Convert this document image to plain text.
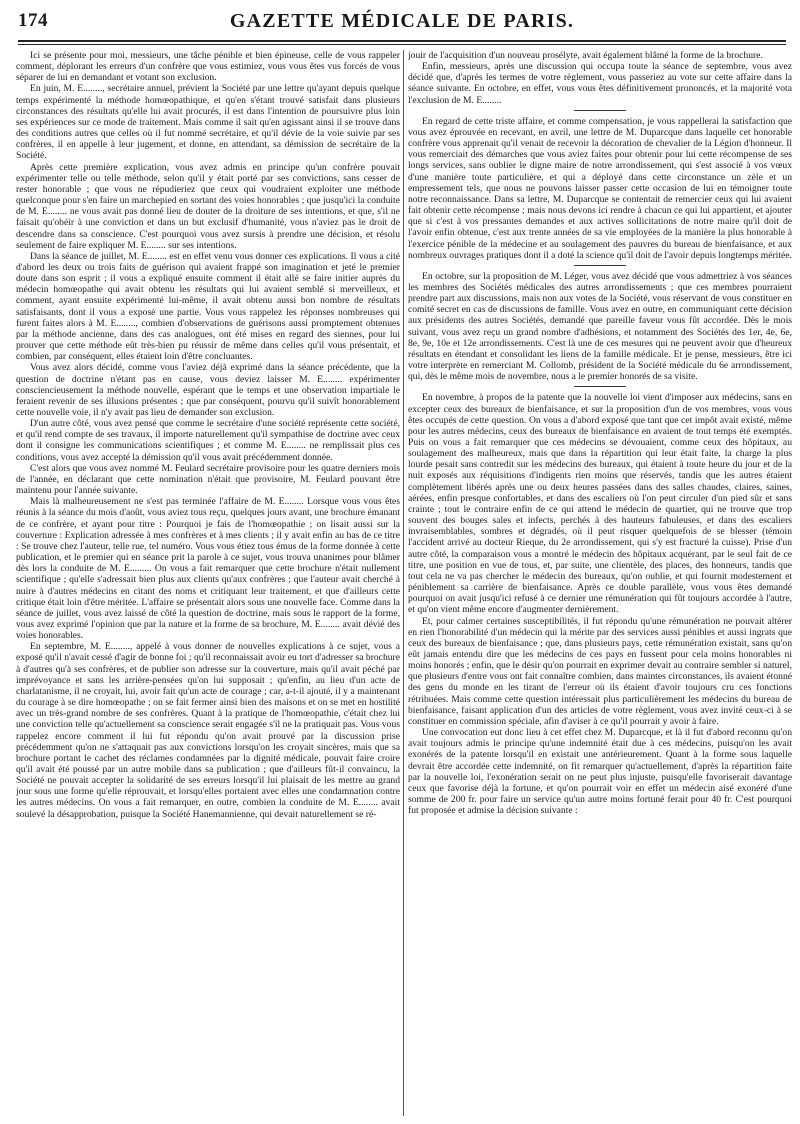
174	GAZETTE MÉDICALE DE PARIS.

Ici se présente pour moi, messieurs, une tâche pénible et bien épineuse, celle de vous rappeler comment, déplorant les erreurs d'un confrère que vous estimiez, vous vous êtes vus forcés de vous séparer de lui en demandant et votant son exclusion.

En juin, M. E........, secrétaire annuel, prévient la Société par une lettre qu'ayant depuis quelque temps expérimenté la méthode homœopathique, et qu'en s'étant trouvé satisfait dans plusieurs circonstances des résultats qu'elle lui avait procurés, il est dans l'intention de poursuivre plus loin ses expériences sur ce mode de traitement. Mais comme il sait qu'en agissant ainsi il se trouve dans des conditions autres que celles où il fut nommé secrétaire, et qu'il dévie de la voie suivie par ses confrères, il en appelle à leur jugement, et donne, en attendant, sa démission de secrétaire de la Société.

Après cette première explication, vous avez admis en principe qu'un confrère pouvait expérimenter telle ou telle méthode, selon qu'il y était porté par ses convictions, sans cesser de rester honorable ; que vous ne répudieriez que ceux qui voudraient exploiter une méthode quelconque pour s'en faire un marchepied en sortant des voies honorables ; que jusqu'ici la conduite de M. E........ ne vous avait pas donné lieu de douter de la droiture de ses intentions, et que, s'il ne faisait qu'obéir à une conviction et dans un but exclusif d'humanité, vous n'aviez pas le droit de descendre dans sa conscience. C'est pourquoi vous avez sursis à prendre une décision, et résolu seulement de faire expliquer M. E........ sur ses intentions.

Dans la séance de juillet, M. E........ est en effet venu vous donner ces explications. Il vous a cité d'abord les deux ou trois faits de guérison qui avaient frappé son imagination et jeté le premier doute dans son esprit ; il vous a expliqué ensuite comment il était allé se faire initier auprès du médecin homœopathe qui avait obtenu les résultats qui lui avaient semblé si merveilleux, et comment, ayant ensuite expérimenté lui-même, il avait obtenu aussi bon nombre de résultats satisfaisants, dont il vous a exposé une partie. Vous vous rappelez les réponses nombreuses qui furent faites alors à M. E........, combien d'observations de guérisons aussi promptement obtenues par la méthode ancienne, dans des cas analogues, ont été mises en regard des siennes, pour lui prouver que cette méthode eût très-bien pu réussir de même dans celles qu'il vous présentait, et combien, par conséquent, elles étaient loin d'être concluantes.

Vous avez alors décidé, comme vous l'aviez déjà exprimé dans la séance précédente, que la question de doctrine n'étant pas en cause, vous deviez laisser M. E........ expérimenter consciencieusement la méthode nouvelle, espérant que le temps et une observation impartiale le feraient revenir de ses illusions présentes ; que par conséquent, pourvu qu'il suivît honorablement cette nouvelle voie, il n'y avait pas lieu de demander son exclusion.

D'un autre côté, vous avez pensé que comme le secrétaire d'une société représente cette société, et qu'il rend compte de ses travaux, il importe naturellement qu'il sympathise de doctrine avec ceux dont il consigne les communications scientifiques ; et comme M. E........ ne remplissait plus ces conditions, vous avez accepté la démission qu'il vous avait précédemment donnée.

C'est alors que vous avez nommé M. Feulard secrétaire provisoire pour les quatre derniers mois de l'année, en déclarant que cette nomination n'était que provisoire, M. Feulard pouvant être maintenu pour l'année suivante.

Mais là malheureusement ne s'est pas terminée l'affaire de M. E........ Lorsque vous vous êtes réunis à la séance du mois d'août, vous aviez tous reçu, quelques jours avant, une brochure émanant de ce confrère, et ayant pour titre : Pourquoi je fais de l'homœopathie ; on lisait aussi sur la couverture : Explication adressée à mes confrères et à mes clients ; il y avait enfin au bas de ce titre : Se trouve chez l'auteur, telle rue, tel numéro. Vous vous étiez tous émus de la forme donnée à cette publication, et le premier qui en séance prit la parole à ce sujet, vous trouva unanimes pour blâmer dès lors la conduite de M. E......... On vous a fait remarquer que cette brochure n'était nullement scientifique ; qu'elle s'adressait bien plus aux clients qu'aux confrères ; que l'auteur avait cherché à nuire à d'autres médecins en citant des noms et critiquant leur traitement, et que d'ailleurs cette critique était loin d'être méritée. L'affaire se présentait alors sous une nouvelle face. Comme dans la séance de juillet, vous avez laissé de côté la question de doctrine, mais sous le rapport de la forme, vous avez exprimé l'opinion que par la nature et la forme de sa brochure, M. E........ avait dévié des voies honorables.

En septembre, M. E........, appelé à vous donner de nouvelles explications à ce sujet, vous a exposé qu'il n'avait cessé d'agir de bonne foi ; qu'il reconnaissait avoir eu tort d'adresser sa brochure à d'autres qu'à ses confrères, et de publier son adresse sur la couverture, mais qu'il avait péché par imprévoyance et sans les arrière-pensées qu'on lui supposait ; qu'enfin, au lieu d'un acte de charlatanisme, il ne croyait, lui, avoir fait qu'un acte de courage ; car, a-t-il ajouté, il y a maintenant du courage à se dire homœopathe ; on se fait fermer ainsi bien des maisons et on se met en hostilité avec un très-grand nombre de ses confrères. Quant à la pratique de l'homœopathie, c'était chez lui une conviction telle qu'actuellement sa conscience serait engagée s'il ne la pratiquait pas. Vous vous rappelez encore comment il lui fut répondu qu'on avait prouvé par la discussion prise précédemment qu'on ne s'attaquait pas aux convictions lorsqu'on les croyait sincères, mais que sa brochure portant le cachet des réclames condamnées par la dignité médicale, pouvait faire croire qu'il avait été poussé par un autre mobile dans sa publication ; que d'ailleurs fût-il convaincu, la Société ne pouvait accepter la solidarité de ses erreurs lorsqu'il lui plaisait de les mettre au grand jour sous une forme qu'elle réprouvait, et lorsqu'elles portaient avec elles une condamnation contre les autres médecins. On vous a fait remarquer, en outre, combien la conduite de M. E........ avait soulevé la désapprobation, puisque la Société Hanemannienne, qui devait naturellement se ré-

jouir de l'acquisition d'un nouveau prosélyte, avait également blâmé la forme de la brochure.

Enfin, messieurs, après une discussion qui occupa toute la séance de septembre, vous avez décidé que, d'après les termes de votre règlement, vous passeriez au vote sur cette affaire dans la séance suivante. En octobre, en effet, vous vous êtes définitivement prononcés, et la majorité vota l'exclusion de M. E........

En regard de cette triste affaire, et comme compensation, je vous rappellerai la satisfaction que vous avez éprouvée en recevant, en avril, une lettre de M. Duparcque dans laquelle cet honorable confrère vous apprenait qu'il venait de recevoir la décoration de chevalier de la Légion d'honneur. Il vous remerciait des démarches que vous aviez faites pour obtenir pour lui cette récompense de ses longs services, sans oublier le digne maire de notre arrondissement, qui s'est associé à vos vœux d'une manière toute particulière, et qui a déployé dans cette circonstance un zèle et un empressement tels, que nous ne pouvons laisser passer cette occasion de lui en témoigner toute notre reconnaissance. Dans sa lettre, M. Duparcque se contentait de remercier ceux qui lui avaient fait obtenir cette récompense ; mais nous devons ici rendre à chacun ce qui lui appartient, et ajouter que si c'est à vos pressantes demandes et aux actives sollicitations de notre maire qu'il doit de l'avoir enfin obtenue, c'est aux trente années de sa vie employées de la manière la plus honorable à l'exercice pénible de la médecine et au soulagement des pauvres du bureau de bienfaisance, et aux nombreux ouvrages pratiques dont il a doté la science qu'il doit de l'avoir depuis longtemps méritée.

En octobre, sur la proposition de M. Léger, vous avez décidé que vous admettriez à vos séances les membres des Sociétés médicales des autres arrondissements ; que ces membres pourraient prendre part aux discussions, mais non aux votes de la Société, vous réservant de vous constituer en comité secret en cas de discussions de famille. Vous avez en outre, en communiquant cette décision aux présidents des autres Sociétés, demandé que pareille faveur vous fût accordée. Dès le mois suivant, vous avez reçu un grand nombre d'adhésions, et notamment des Sociétés des 1er, 4e, 6e, 8e, 9e, 10e et 12e arrondissements. C'est là une de ces mesures qui ne peuvent avoir que d'heureux résultats en étendant et consolidant les liens de la famille médicale. Et je pense, messieurs, être ici votre interprète en remerciant M. Collomb, président de la Société médicale du 6e arrondissement, qui, dès le même mois de novembre, nous a le premier honorés de sa visite.

En novembre, à propos de la patente que la nouvelle loi vient d'imposer aux médecins, sans en excepter ceux des bureaux de bienfaisance, et sur la proposition d'un de vos membres, vous vous êtes occupés de cette question. On vous a d'abord exposé que tant que cet impôt avait existé, même pour les autres médecins, ceux des bureaux de bienfaisance en avaient de tout temps été exemptés. Puis on vous a fait remarquer que ces médecins se dévouaient, comme ceux des hôpitaux, au soulagement des malheureux, mais que dans la répartition qui leur était faite, la charge la plus lourde pesait sans contredit sur les médecins des bureaux, qui étaient à toute heure du jour et de la nuit exposés aux réquisitions d'indigents rien moins que réservés, tandis que les autres étaient complètement libérés après une ou deux heures passées dans des salles chaudes, claires, saines, aérées, enfin presque confortables, et dans des escaliers où l'on peut circuler d'un pied sûr et sans crainte ; tout le contraire enfin de ce qui attend le médecin de quartier, qui ne trouve que trop souvent des bouges sales et infects, perchés à des hauteurs fabuleuses, et dans des escaliers invraisemblables, sombres et dégradés, où il peut risquer quelquefois de se blesser (témoin l'accident arrivé au docteur Rieque, du 2e arrondissement, qui s'y est fracturé la cuisse). Prise d'un autre côté, la comparaison vous a montré le médecin des hôpitaux acquérant, par le seul fait de ce titre, une position en vue de tous, et, par suite, une clientèle, des places, des honneurs, tandis que tout cela ne va pas chercher le médecin des bureaux, qu'on oublie, et qui fournit modestement et péniblement sa carrière de bienfaisance. Après ce double parallèle, vous vous êtes demandé pourquoi on avait jusqu'ici refusé à ce dernier une rémunération qui fût toujours accordée à l'autre, et qu'on vient même encore d'augmenter dernièrement.

Et, pour calmer certaines susceptibilités, il fut répondu qu'une rémunération ne pouvait altérer en rien l'honorabilité d'un médecin qui la mérite par des services aussi pénibles et aussi ingrats que ceux des bureaux de bienfaisance ; que, dans plusieurs pays, cette rémunération existait, sans qu'on eût jamais entendu dire que les médecins de ces pays en fussent pour cela moins honorables ni moins honorés ; enfin, que le désir qu'on pourrait en exprimer devait au contraire sembler si naturel, que plusieurs d'entre vous ont fait connaître combien, dans maintes circonstances, ils avaient étonné des gens du monde en les tirant de l'erreur où ils étaient d'avoir toujours cru ces fonctions rétribuées. Mais comme cette question intéressait plus particulièrement les médecins du bureau de bienfaisance, faisant application d'un des articles de votre règlement, vous avez invité ceux-ci à se constituer en commission spéciale, afin d'aviser à ce qu'il pourrait y avoir à faire.

Une convocation eut donc lieu à cet effet chez M. Duparcque, et là il fut d'abord reconnu qu'on avait toujours admis le principe qu'une indemnité était due à ces médecins, puisqu'on les avait exonérés de la patente lorsqu'il en existait une antérieurement. Quant à la forme sous laquelle devrait être accordée cette indemnité, on fit remarquer qu'actuellement, d'après la répartition faite par la nouvelle loi, l'exonération serait on ne peut plus injuste, puisqu'elle favoriserait davantage ceux que favorise déjà la fortune, et qu'on pourrait voir en effet un médecin aisé exonéré d'une somme de 200 fr. pour faire un service qu'un autre moins fortuné ferait pour 40 fr. C'est pourquoi fut proposée et admise la décision suivante :
